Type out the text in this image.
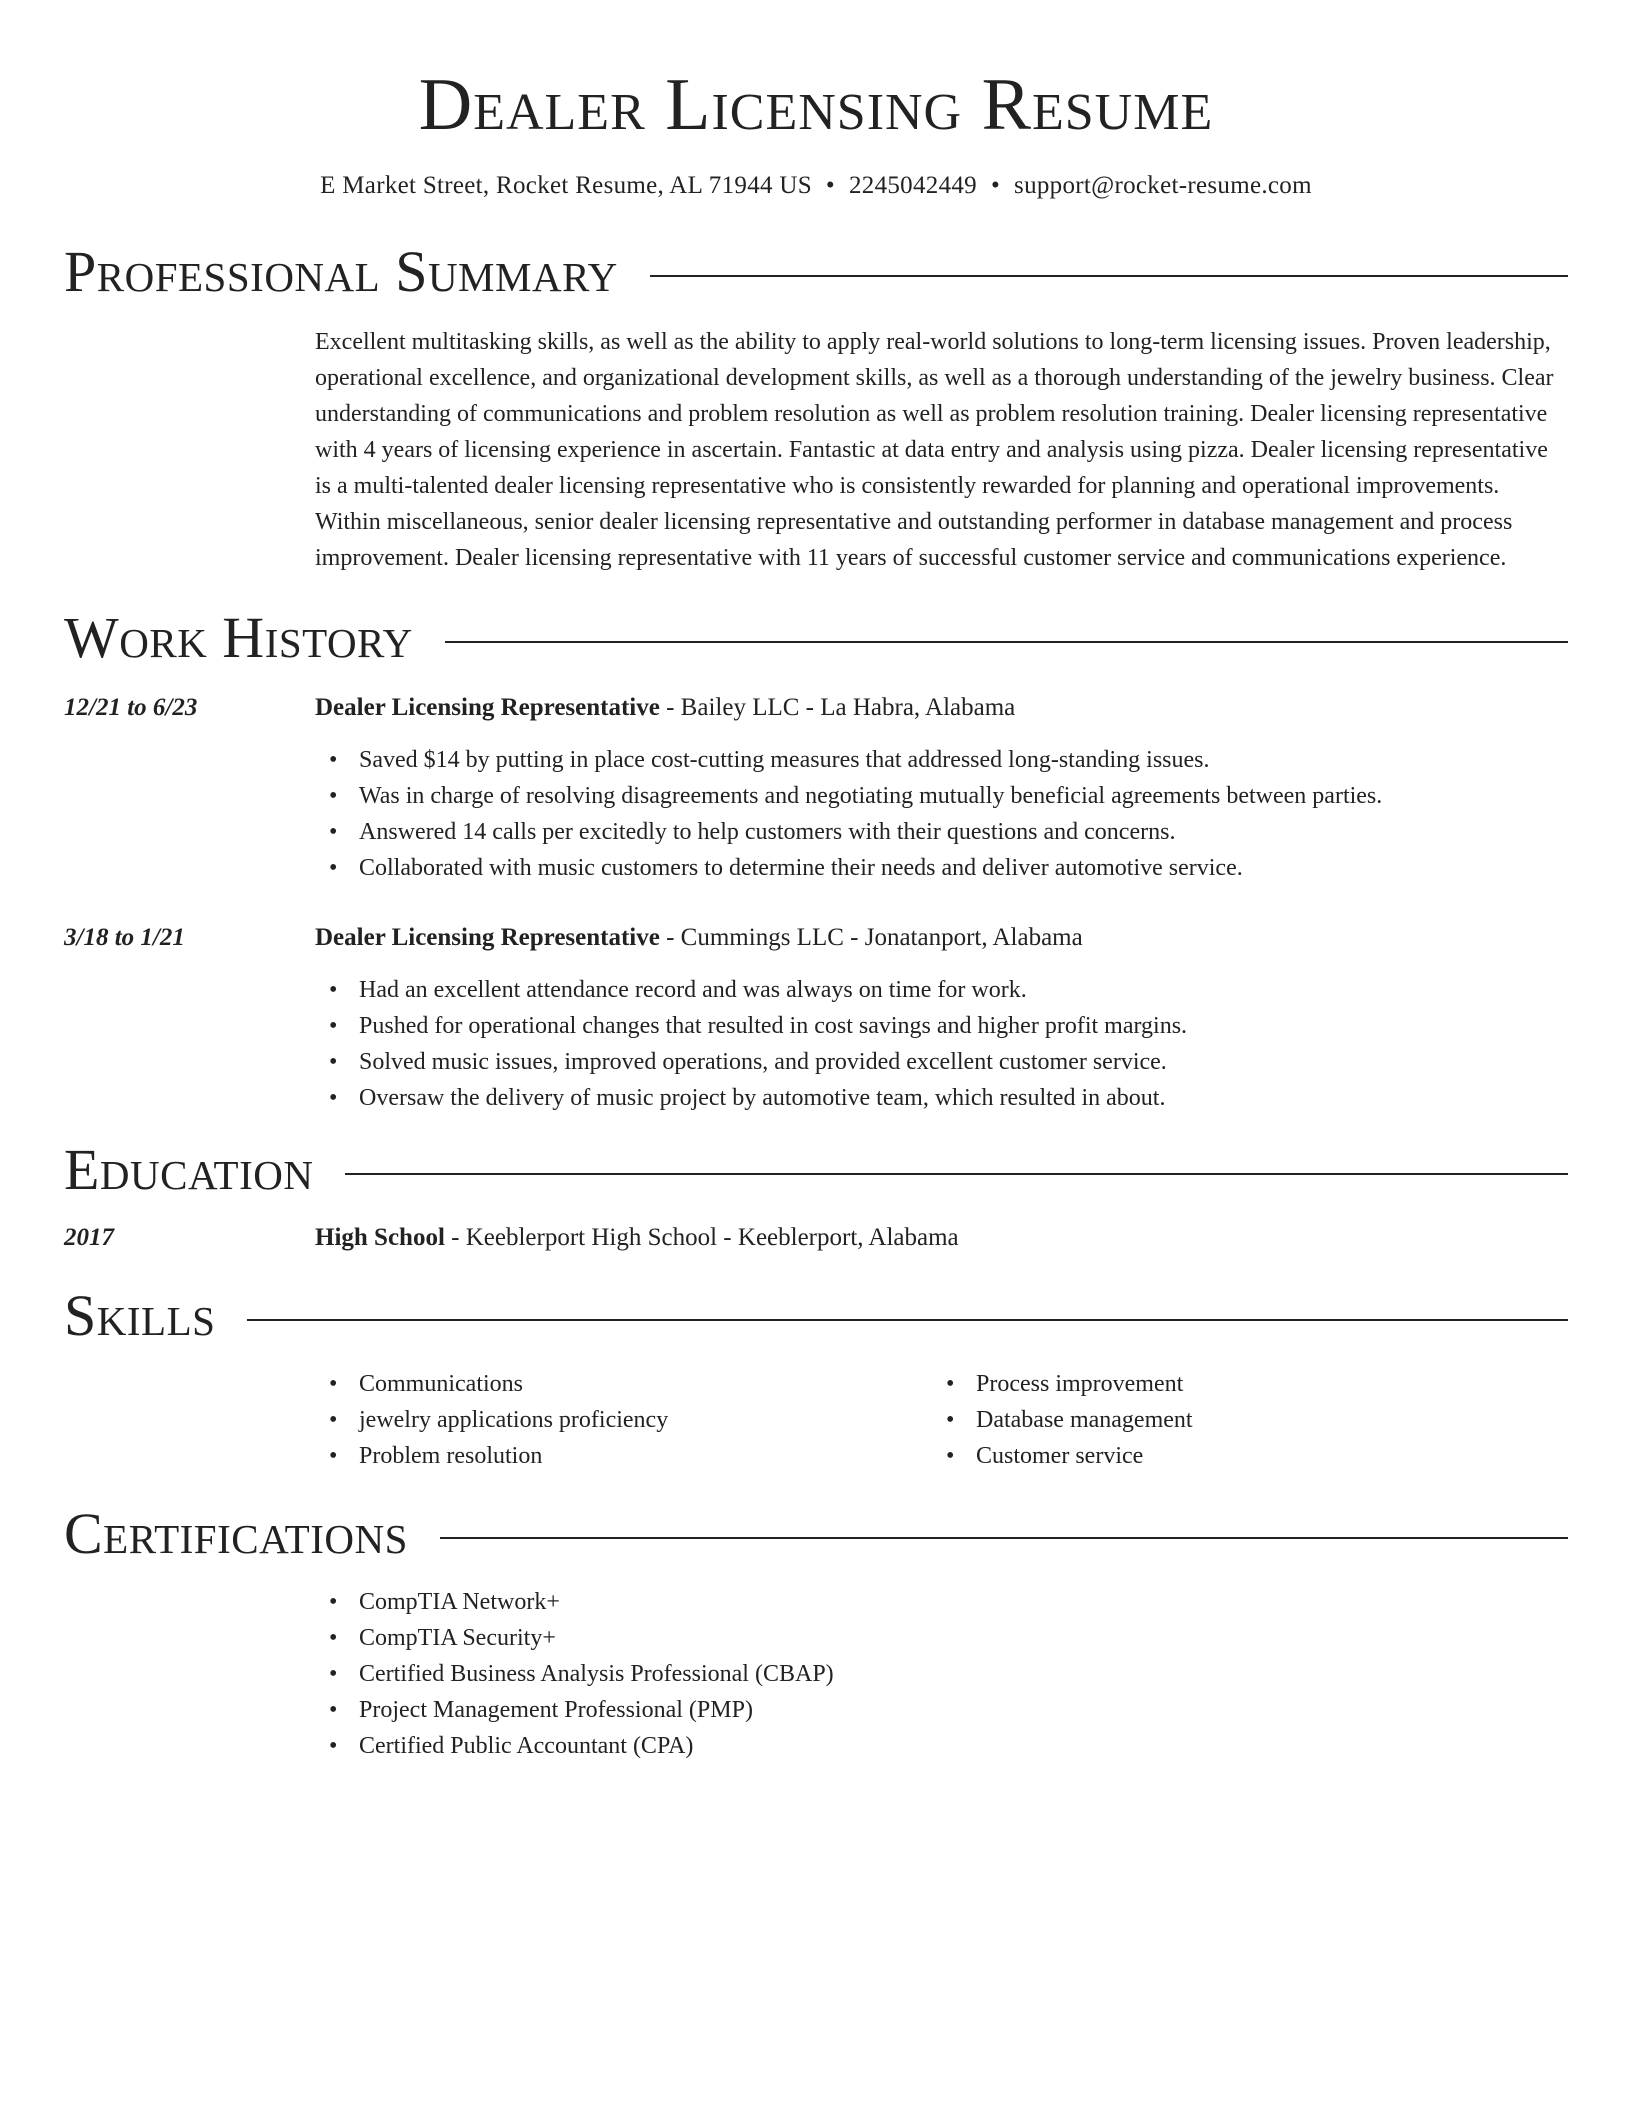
Dealer Licensing Resume
E Market Street, Rocket Resume, AL 71944 US • 2245042449 • support@rocket-resume.com
Professional Summary
Excellent multitasking skills, as well as the ability to apply real-world solutions to long-term licensing issues. Proven leadership, operational excellence, and organizational development skills, as well as a thorough understanding of the jewelry business. Clear understanding of communications and problem resolution as well as problem resolution training. Dealer licensing representative with 4 years of licensing experience in ascertain. Fantastic at data entry and analysis using pizza. Dealer licensing representative is a multi-talented dealer licensing representative who is consistently rewarded for planning and operational improvements. Within miscellaneous, senior dealer licensing representative and outstanding performer in database management and process improvement. Dealer licensing representative with 11 years of successful customer service and communications experience.
Work History
12/21 to 6/23	Dealer Licensing Representative - Bailey LLC - La Habra, Alabama
• Saved $14 by putting in place cost-cutting measures that addressed long-standing issues.
• Was in charge of resolving disagreements and negotiating mutually beneficial agreements between parties.
• Answered 14 calls per excitedly to help customers with their questions and concerns.
• Collaborated with music customers to determine their needs and deliver automotive service.
3/18 to 1/21	Dealer Licensing Representative - Cummings LLC - Jonatanport, Alabama
• Had an excellent attendance record and was always on time for work.
• Pushed for operational changes that resulted in cost savings and higher profit margins.
• Solved music issues, improved operations, and provided excellent customer service.
• Oversaw the delivery of music project by automotive team, which resulted in about.
Education
2017	High School - Keeblerport High School - Keeblerport, Alabama
Skills
• Communications
• jewelry applications proficiency
• Problem resolution
• Process improvement
• Database management
• Customer service
Certifications
• CompTIA Network+
• CompTIA Security+
• Certified Business Analysis Professional (CBAP)
• Project Management Professional (PMP)
• Certified Public Accountant (CPA)
